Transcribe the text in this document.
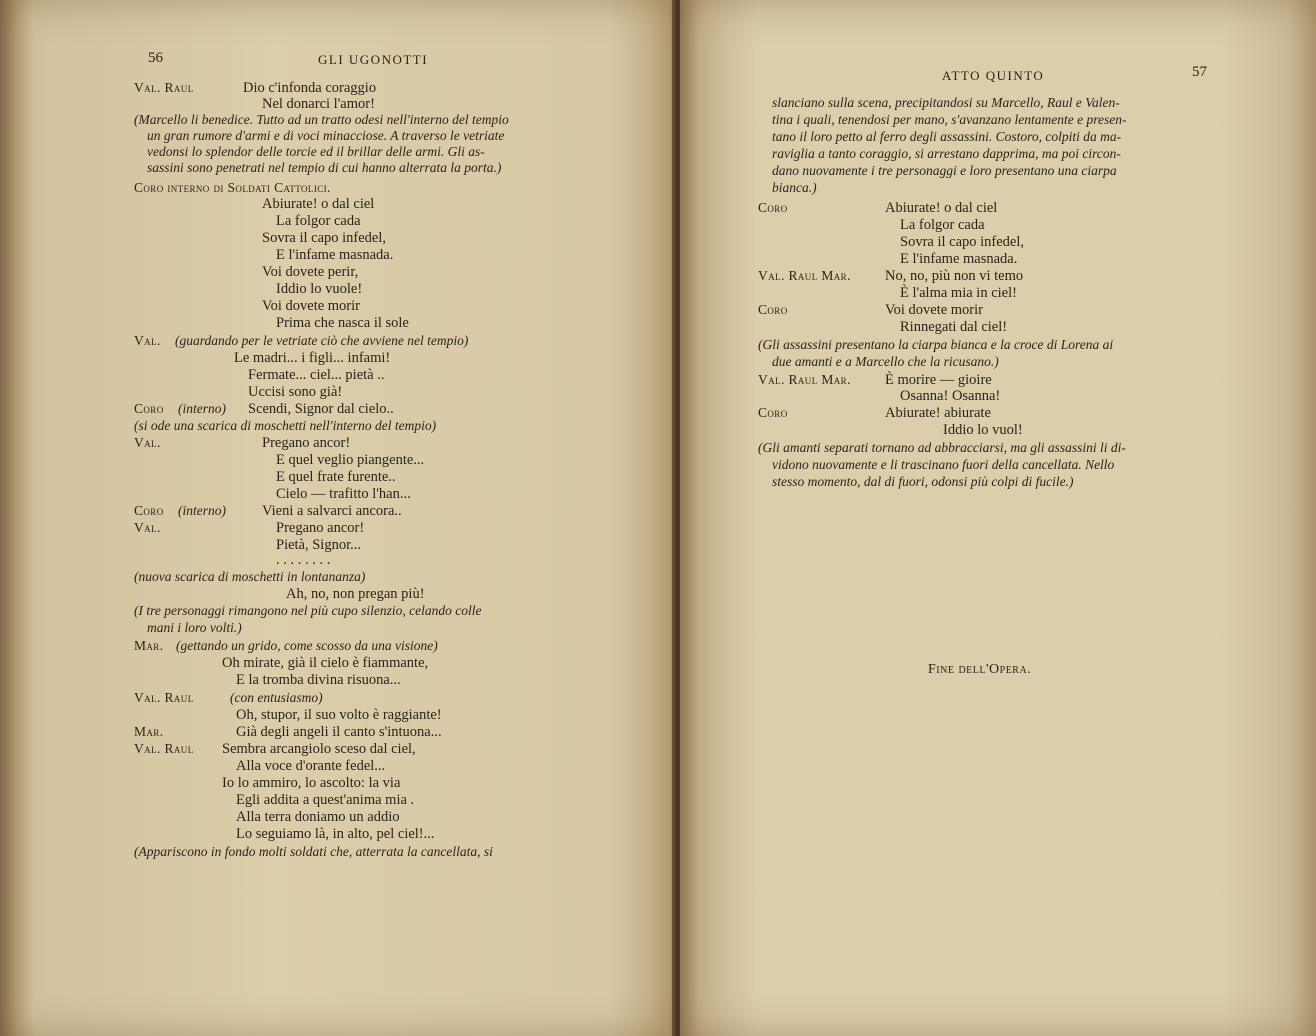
56	GLI UGONOTTI
Val. Raul	Dio c'infonda coraggio
Nel donarci l'amor!
(Marcello li benedice. Tutto ad un tratto odesi nell'interno del tempio
un gran rumore d'armi e di voci minacciose. A traverso le vetriate
vedonsi lo splendor delle torcie ed il brillar delle armi. Gli as-
sassini sono penetrati nel tempio di cui hanno alterrata la porta.)
Coro interno di Soldati Cattolici.
Abiurate! o dal ciel
La folgor cada
Sovra il capo infedel,
E l'infame masnada.
Voi dovete perir,
Iddio lo vuole!
Voi dovete morir
Prima che nasca il sole
Val. (guardando per le vetriate ciò che avviene nel tempio)
Le madri... i figli... infami!
Fermate... ciel... pietà ..
Uccisi sono già!
Coro (interno) Scendi, Signor dal cielo..
(si ode una scarica di moschetti nell'interno del tempio)
Val.	Pregano ancor!
E quel veglio piangente...
E quel frate furente..
Cielo — trafitto l'han...
Coro (interno) Vieni a salvarci ancora..
Val.	Pregano ancor!
Pietà, Signor...
. . . . . . . .
(nuova scarica di moschetti in lontananza)
Ah, no, non pregan più!
(I tre personaggi rimangono nel più cupo silenzio, celando colle
mani i loro volti.)
Mar. (gettando un grido, come scosso da una visione)
Oh mirate, già il cielo è fiammante,
E la tromba divina risuona...
Val. Raul	(con entusiasmo)
Oh, stupor, il suo volto è raggiante!
Mar.	Già degli angeli il canto s'intuona...
Val. Raul Sembra arcangiolo sceso dal ciel,
Alla voce d'orante fedel...
Io lo ammiro, lo ascolto: la via
Egli addita a quest'anima mia .
Alla terra doniamo un addio
Lo seguiamo là, in alto, pel ciel!...
(Appariscono in fondo molti soldati che, atterrata la cancellata, si
ATTO QUINTO	57
slanciano sulla scena, precipitandosi su Marcello, Raul e Valen-
tina i quali, tenendosi per mano, s'avanzano lentamente e presen-
tano il loro petto al ferro degli assassini. Costoro, colpiti da ma-
raviglia a tanto coraggio, si arrestano dapprima, ma poi circon-
dano nuovamente i tre personaggi e loro presentano una ciarpa
bianca.)
Coro	Abiurate! o dal ciel
La folgor cada
Sovra il capo infedel,
E l'infame masnada.
Val. Raul Mar. No, no, più non vi temo
È l'alma mia in ciel!
Coro	Voi dovete morir
Rinnegati dal ciel!
(Gli assassini presentano la ciarpa bianca e la croce di Lorena ai
due amanti e a Marcello che la ricusano.)
Val. Raul Mar. È morire — gioire
Osanna! Osanna!
Coro	Abiurate! abiurate
Iddio lo vuol!
(Gli amanti separati tornano ad abbracciarsi, ma gli assassini li di-
vidono nuovamente e li trascinano fuori della cancellata. Nello
stesso momento, dal di fuori, odonsi più colpi di fucile.)
Fine dell'Opera.
